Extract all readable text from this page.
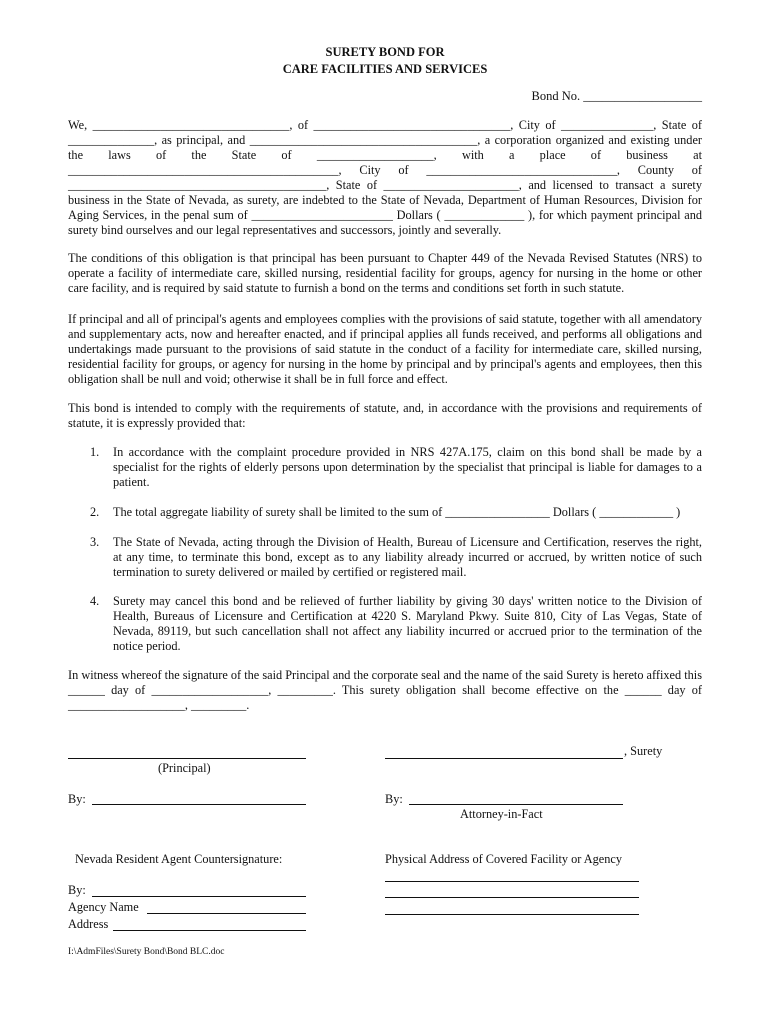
SURETY BOND FOR
CARE FACILITIES AND SERVICES
Bond No. ___________________

We, ________________________________, of ________________________________, City of _______________, State of ______________, as principal, and _____________________________________, a corporation organized and existing under the laws of the State of ___________________, with a place of business at ____________________________________________, City of _______________________________, County of __________________________________________, State of ______________________, and licensed to transact a surety business in the State of Nevada, as surety, are indebted to the State of Nevada, Department of Human Resources, Division for Aging Services, in the penal sum of _______________________ Dollars ( _____________ ), for which payment principal and surety bind ourselves and our legal representatives and successors, jointly and severally.

The conditions of this obligation is that principal has been pursuant to Chapter 449 of the Nevada Revised Statutes (NRS) to operate a facility of intermediate care, skilled nursing, residential facility for groups, agency for nursing in the home or other care facility, and is required by said statute to furnish a bond on the terms and conditions set forth in such statute.

If principal and all of principal's agents and employees complies with the provisions of said statute, together with all amendatory and supplementary acts, now and hereafter enacted, and if principal applies all funds received, and performs all obligations and undertakings made pursuant to the provisions of said statute in the conduct of a facility for intermediate care, skilled nursing, residential facility for groups, or agency for nursing in the home by principal and by principal's agents and employees, then this obligation shall be null and void; otherwise it shall be in full force and effect.

This bond is intended to comply with the requirements of statute, and, in accordance with the provisions and requirements of statute, it is expressly provided that:

1. In accordance with the complaint procedure provided in NRS 427A.175, claim on this bond shall be made by a specialist for the rights of elderly persons upon determination by the specialist that principal is liable for damages to a patient.
2. The total aggregate liability of surety shall be limited to the sum of _________________ Dollars ( ____________ )
3. The State of Nevada, acting through the Division of Health, Bureau of Licensure and Certification, reserves the right, at any time, to terminate this bond, except as to any liability already incurred or accrued, by written notice of such termination to surety delivered or mailed by certified or registered mail.
4. Surety may cancel this bond and be relieved of further liability by giving 30 days' written notice to the Division of Health, Bureaus of Licensure and Certification at 4220 S. Maryland Pkwy. Suite 810, City of Las Vegas, State of Nevada, 89119, but such cancellation shall not affect any liability incurred or accrued prior to the termination of the notice period.

In witness whereof the signature of the said Principal and the corporate seal and the name of the said Surety is hereto affixed this ______ day of ___________________, _________. This surety obligation shall become effective on the ______ day of ___________________, _________.

(Principal)
, Surety
By:	By:
Attorney-in-Fact
Nevada Resident Agent Countersignature:	Physical Address of Covered Facility or Agency
By:
Agency Name
Address
I:\AdmFiles\Surety Bond\Bond BLC.doc
